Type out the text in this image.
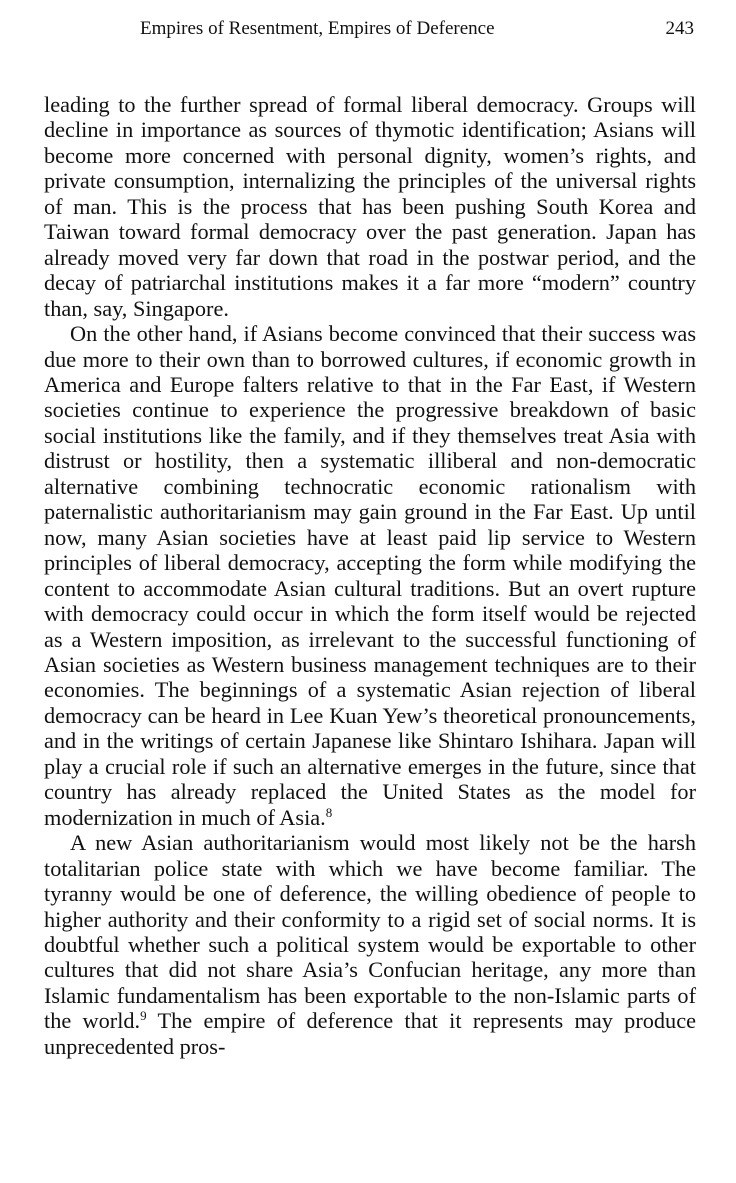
Empires of Resentment, Empires of Deference	243

leading to the further spread of formal liberal democracy. Groups will decline in importance as sources of thymotic identification; Asians will become more concerned with personal dignity, women’s rights, and private consumption, internalizing the principles of the universal rights of man. This is the process that has been pushing South Korea and Taiwan toward formal democracy over the past generation. Japan has already moved very far down that road in the postwar period, and the decay of patriarchal institutions makes it a far more “modern” country than, say, Singapore.

On the other hand, if Asians become convinced that their success was due more to their own than to borrowed cultures, if economic growth in America and Europe falters relative to that in the Far East, if Western societies continue to experience the progressive breakdown of basic social institutions like the family, and if they themselves treat Asia with distrust or hostility, then a systematic illiberal and non-democratic alternative combining technocratic economic rationalism with paternalistic authoritarianism may gain ground in the Far East. Up until now, many Asian societies have at least paid lip service to Western principles of liberal democracy, accepting the form while modifying the content to accommodate Asian cultural traditions. But an overt rupture with democracy could occur in which the form itself would be rejected as a Western imposition, as irrelevant to the successful functioning of Asian societies as Western business management techniques are to their economies. The beginnings of a systematic Asian rejection of liberal democracy can be heard in Lee Kuan Yew’s theoretical pronouncements, and in the writings of certain Japanese like Shintaro Ishihara. Japan will play a crucial role if such an alternative emerges in the future, since that country has already replaced the United States as the model for modernization in much of Asia.$^8$

A new Asian authoritarianism would most likely not be the harsh totalitarian police state with which we have become familiar. The tyranny would be one of deference, the willing obedience of people to higher authority and their conformity to a rigid set of social norms. It is doubtful whether such a political system would be exportable to other cultures that did not share Asia’s Confucian heritage, any more than Islamic fundamentalism has been exportable to the non-Islamic parts of the world.$^9$ The empire of deference that it represents may produce unprecedented pros-
